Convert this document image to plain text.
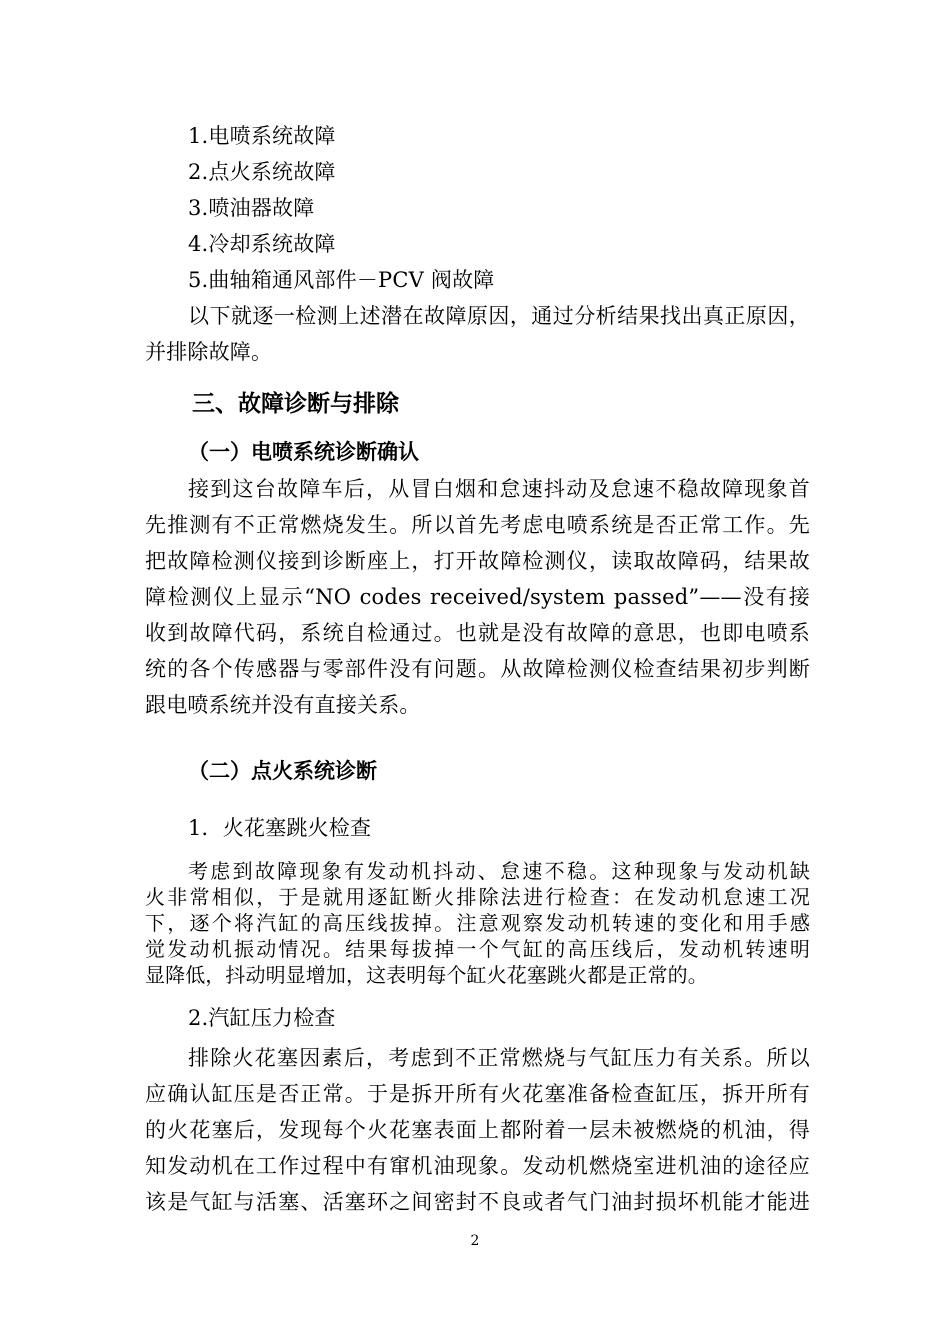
1.电喷系统故障
2.点火系统故障
3.喷油器故障
4.冷却系统故障
5.曲轴箱通风部件－PCV 阀故障
以下就逐一检测上述潜在故障原因，通过分析结果找出真正原因，
并排除故障。
三、故障诊断与排除
（一）电喷系统诊断确认
接到这台故障车后，从冒白烟和怠速抖动及怠速不稳故障现象首
先推测有不正常燃烧发生。所以首先考虑电喷系统是否正常工作。先
把故障检测仪接到诊断座上，打开故障检测仪，读取故障码，结果故
障检测仪上显示“NO codes received/system passed”——没有接
收到故障代码，系统自检通过。也就是没有故障的意思，也即电喷系
统的各个传感器与零部件没有问题。从故障检测仪检查结果初步判断
跟电喷系统并没有直接关系。
（二）点火系统诊断
1．火花塞跳火检查
考虑到故障现象有发动机抖动、怠速不稳。这种现象与发动机缺
火非常相似，于是就用逐缸断火排除法进行检查：在发动机怠速工况
下，逐个将汽缸的高压线拔掉。注意观察发动机转速的变化和用手感
觉发动机振动情况。结果每拔掉一个气缸的高压线后，发动机转速明
显降低，抖动明显增加，这表明每个缸火花塞跳火都是正常的。
2.汽缸压力检查
排除火花塞因素后，考虑到不正常燃烧与气缸压力有关系。所以
应确认缸压是否正常。于是拆开所有火花塞准备检查缸压，拆开所有
的火花塞后，发现每个火花塞表面上都附着一层未被燃烧的机油，得
知发动机在工作过程中有窜机油现象。发动机燃烧室进机油的途径应
该是气缸与活塞、活塞环之间密封不良或者气门油封损坏机能才能进
2
